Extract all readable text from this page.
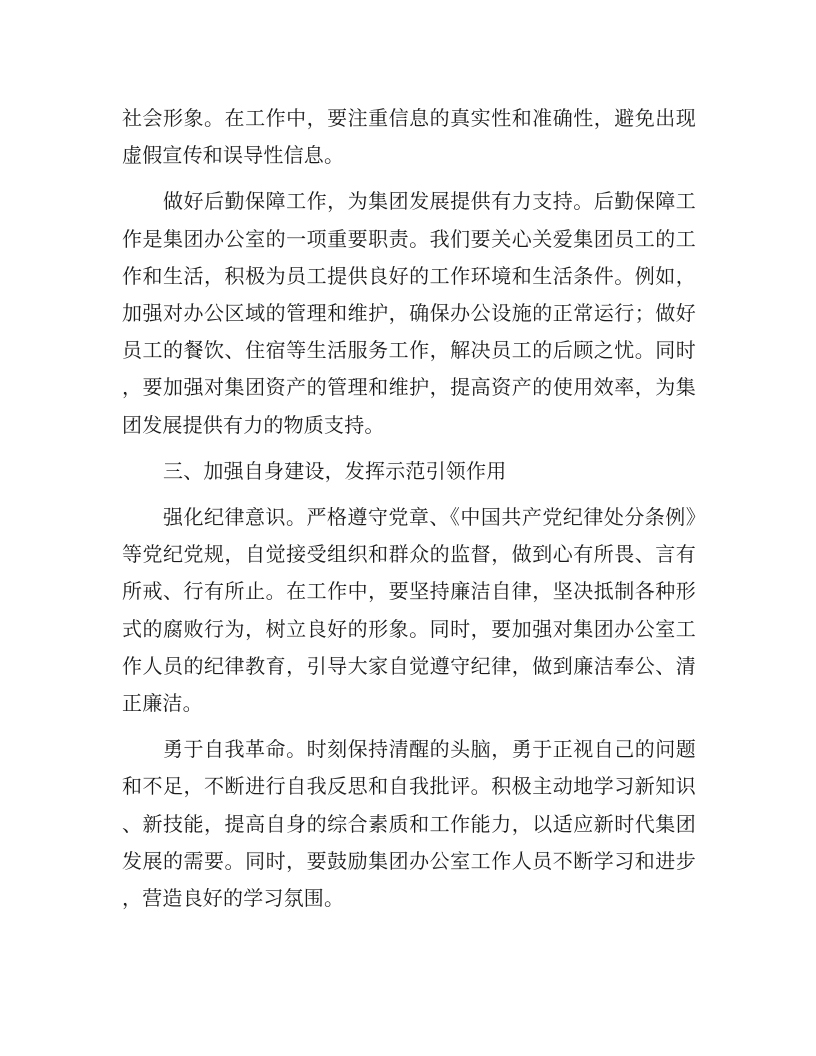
社会形象。在工作中，要注重信息的真实性和准确性，避免出现虚假宣传和误导性信息。

做好后勤保障工作，为集团发展提供有力支持。后勤保障工作是集团办公室的一项重要职责。我们要关心关爱集团员工的工作和生活，积极为员工提供良好的工作环境和生活条件。例如，加强对办公区域的管理和维护，确保办公设施的正常运行；做好员工的餐饮、住宿等生活服务工作，解决员工的后顾之忧。同时，要加强对集团资产的管理和维护，提高资产的使用效率，为集团发展提供有力的物质支持。

三、加强自身建设，发挥示范引领作用

强化纪律意识。严格遵守党章、《中国共产党纪律处分条例》等党纪党规，自觉接受组织和群众的监督，做到心有所畏、言有所戒、行有所止。在工作中，要坚持廉洁自律，坚决抵制各种形式的腐败行为，树立良好的形象。同时，要加强对集团办公室工作人员的纪律教育，引导大家自觉遵守纪律，做到廉洁奉公、清正廉洁。

勇于自我革命。时刻保持清醒的头脑，勇于正视自己的问题和不足，不断进行自我反思和自我批评。积极主动地学习新知识、新技能，提高自身的综合素质和工作能力，以适应新时代集团发展的需要。同时，要鼓励集团办公室工作人员不断学习和进步，营造良好的学习氛围。
